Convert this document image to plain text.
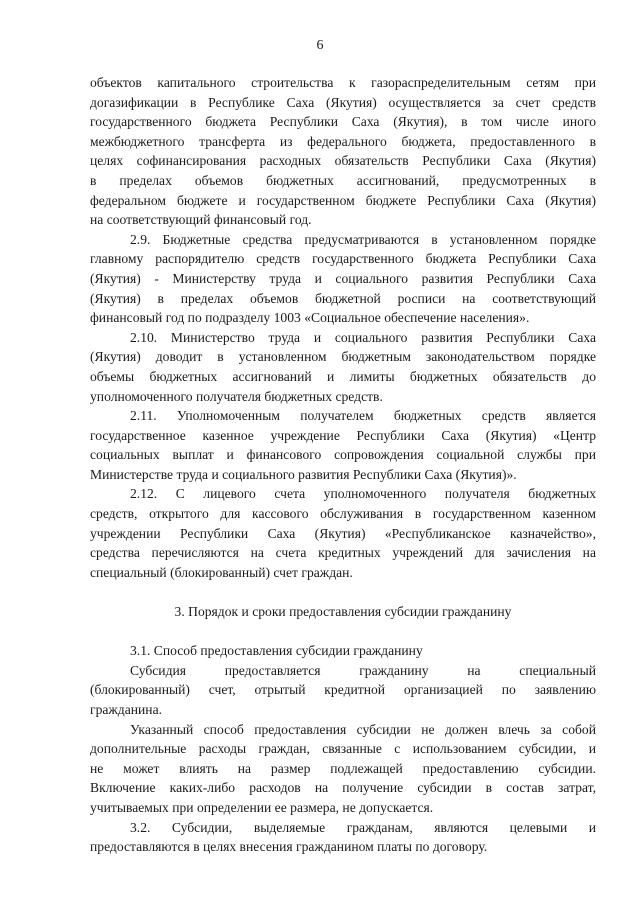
6
объектов капитального строительства к газораспределительным сетям при
догазификации в Республике Саха (Якутия) осуществляется за счет средств
государственного бюджета Республики Саха (Якутия), в том числе иного
межбюджетного трансферта из федерального бюджета, предоставленного в
целях софинансирования расходных обязательств Республики Саха (Якутия)
в пределах объемов бюджетных ассигнований, предусмотренных в
федеральном бюджете и государственном бюджете Республики Саха (Якутия)
на соответствующий финансовый год.
2.9. Бюджетные средства предусматриваются в установленном порядке
главному распорядителю средств государственного бюджета Республики Саха
(Якутия) - Министерству труда и социального развития Республики Саха
(Якутия) в пределах объемов бюджетной росписи на соответствующий
финансовый год по подразделу 1003 «Социальное обеспечение населения».
2.10. Министерство труда и социального развития Республики Саха
(Якутия) доводит в установленном бюджетным законодательством порядке
объемы бюджетных ассигнований и лимиты бюджетных обязательств до
уполномоченного получателя бюджетных средств.
2.11. Уполномоченным получателем бюджетных средств является
государственное казенное учреждение Республики Саха (Якутия) «Центр
социальных выплат и финансового сопровождения социальной службы при
Министерстве труда и социального развития Республики Саха (Якутия)».
2.12. С лицевого счета уполномоченного получателя бюджетных
средств, открытого для кассового обслуживания в государственном казенном
учреждении Республики Саха (Якутия) «Республиканское казначейство»,
средства перечисляются на счета кредитных учреждений для зачисления на
специальный (блокированный) счет граждан.
3. Порядок и сроки предоставления субсидии гражданину
3.1. Способ предоставления субсидии гражданину
Субсидия предоставляется гражданину на специальный
(блокированный) счет, отрытый кредитной организацией по заявлению
гражданина.
Указанный способ предоставления субсидии не должен влечь за собой
дополнительные расходы граждан, связанные с использованием субсидии, и
не может влиять на размер подлежащей предоставлению субсидии.
Включение каких-либо расходов на получение субсидии в состав затрат,
учитываемых при определении ее размера, не допускается.
3.2. Субсидии, выделяемые гражданам, являются целевыми и
предоставляются в целях внесения гражданином платы по договору.
